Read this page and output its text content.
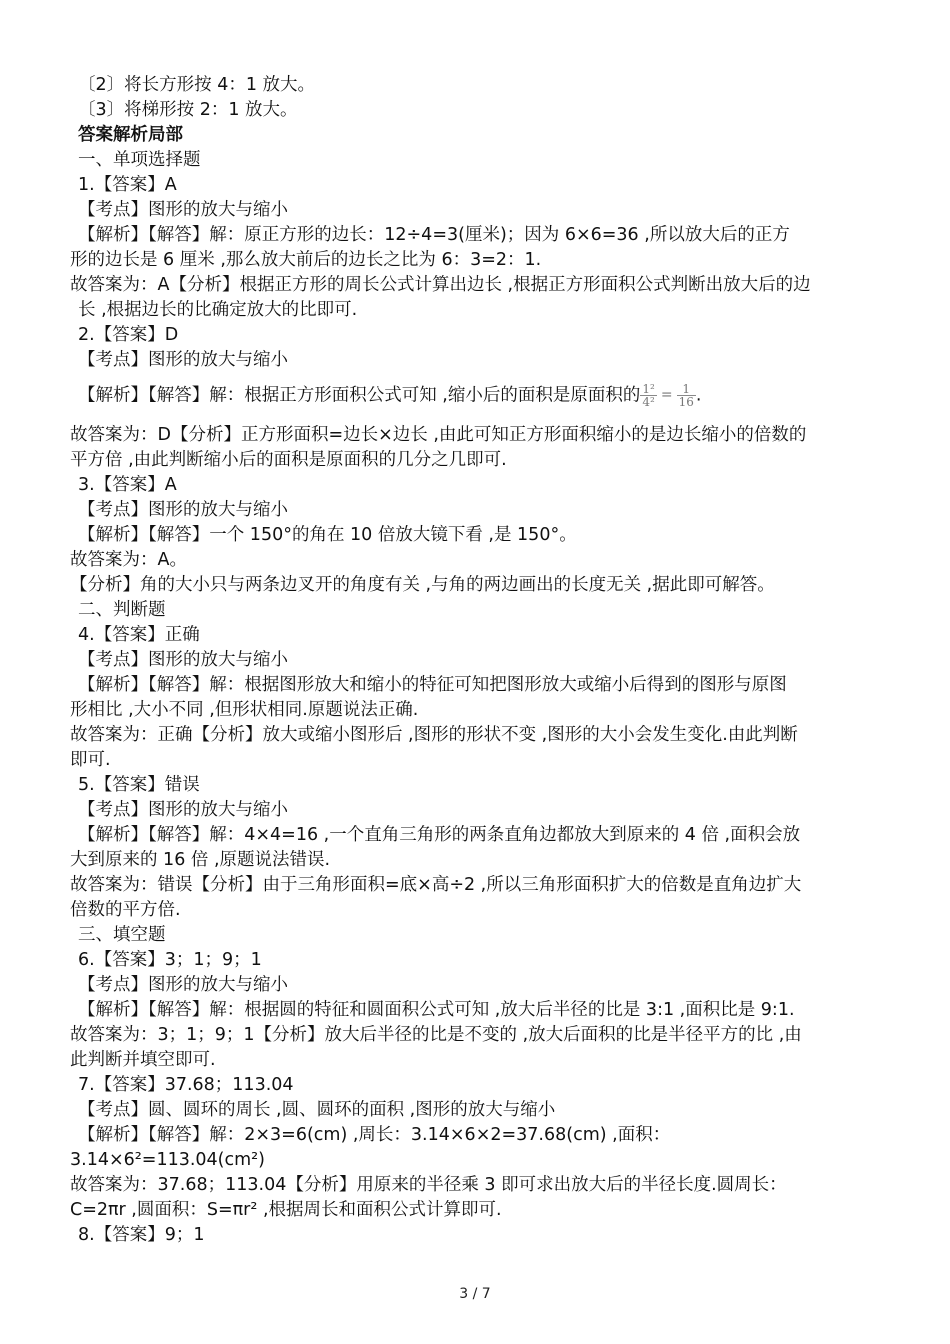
〔2〕将长方形按 4：1 放大。
〔3〕将梯形按 2：1 放大。
答案解析局部
一、单项选择题
1.【答案】A
【考点】图形的放大与缩小
【解析】【解答】解：原正方形的边长：12÷4=3(厘米)；因为 6×6=36 ,所以放大后的正方
形的边长是 6 厘米 ,那么放大前后的边长之比为 6：3=2：1.
故答案为：A【分析】根据正方形的周长公式计算出边长 ,根据正方形面积公式判断出放大后的边
长 ,根据边长的比确定放大的比即可.
2.【答案】D
【考点】图形的放大与缩小
【解析】【解答】解：根据正方形面积公式可知 ,缩小后的面积是原面积的 $\frac{\text{1²}}{\text{4²}} = \frac{1}{16}$ .
故答案为：D【分析】正方形面积=边长×边长 ,由此可知正方形面积缩小的是边长缩小的倍数的
平方倍 ,由此判断缩小后的面积是原面积的几分之几即可.
3.【答案】A
【考点】图形的放大与缩小
【解析】【解答】一个 150°的角在 10 倍放大镜下看 ,是 150°。
故答案为：A。
【分析】角的大小只与两条边叉开的角度有关 ,与角的两边画出的长度无关 ,据此即可解答。
二、判断题
4.【答案】正确
【考点】图形的放大与缩小
【解析】【解答】解：根据图形放大和缩小的特征可知把图形放大或缩小后得到的图形与原图
形相比 ,大小不同 ,但形状相同.原题说法正确.
故答案为：正确【分析】放大或缩小图形后 ,图形的形状不变 ,图形的大小会发生变化.由此判断
即可.
5.【答案】错误
【考点】图形的放大与缩小
【解析】【解答】解：4×4=16 ,一个直角三角形的两条直角边都放大到原来的 4 倍 ,面积会放
大到原来的 16 倍 ,原题说法错误.
故答案为：错误【分析】由于三角形面积=底×高÷2 ,所以三角形面积扩大的倍数是直角边扩大
倍数的平方倍.
三、填空题
6.【答案】3；1；9；1
【考点】图形的放大与缩小
【解析】【解答】解：根据圆的特征和圆面积公式可知 ,放大后半径的比是 3:1 ,面积比是 9:1.
故答案为：3；1；9；1【分析】放大后半径的比是不变的 ,放大后面积的比是半径平方的比 ,由
此判断并填空即可.
7.【答案】37.68；113.04
【考点】圆、圆环的周长 ,圆、圆环的面积 ,图形的放大与缩小
【解析】【解答】解：2×3=6(cm) ,周长：3.14×6×2=37.68(cm) ,面积：
3.14×6²=113.04(cm²)
故答案为：37.68；113.04【分析】用原来的半径乘 3 即可求出放大后的半径长度.圆周长：
C=2πr ,圆面积：S=πr² ,根据周长和面积公式计算即可.
8.【答案】9；1
3 / 7
